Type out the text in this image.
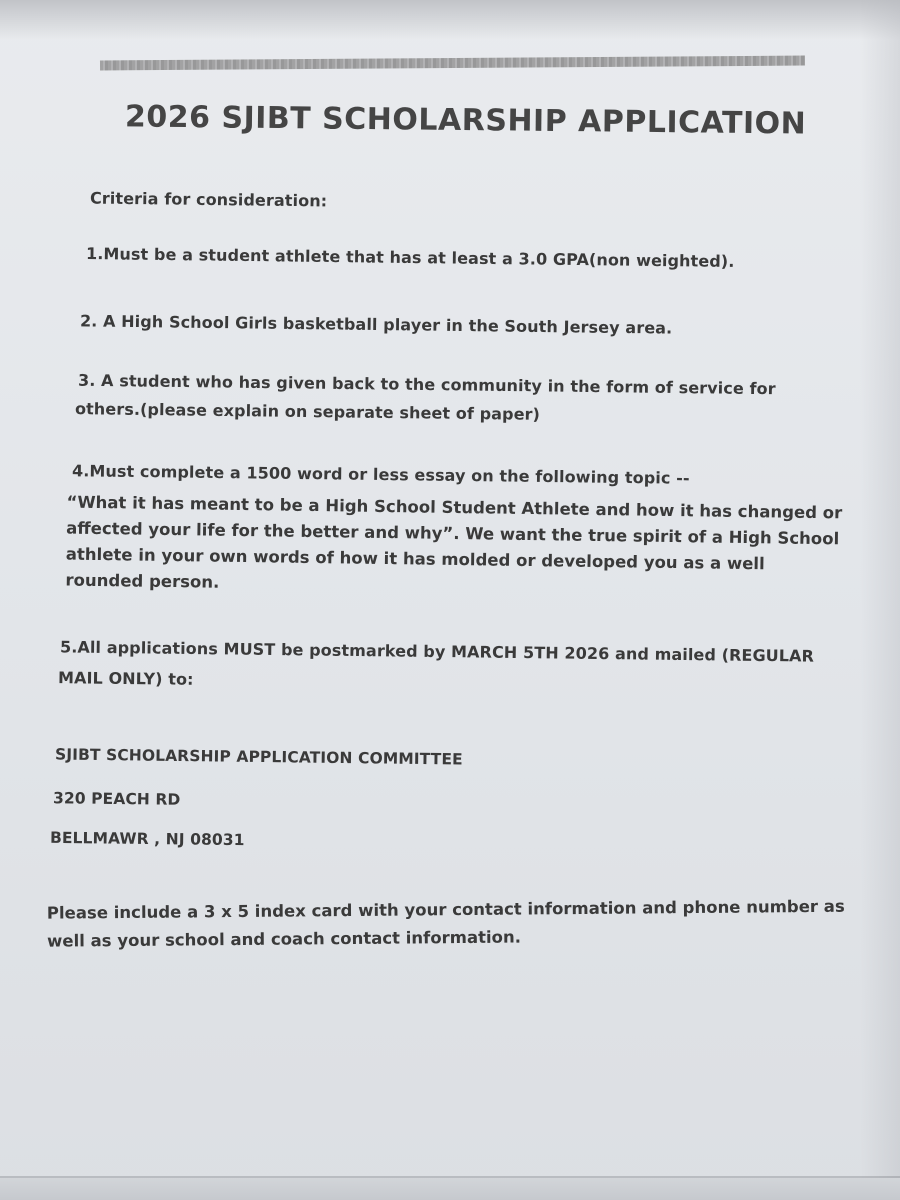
2026 SJIBT SCHOLARSHIP APPLICATION
Criteria for consideration:
1.Must be a student athlete that has at least a 3.0 GPA(non weighted).
2. A High School Girls basketball player in the South Jersey area.
3. A student who has given back to the community in the form of service for
others.(please explain on separate sheet of paper)
4.Must complete a 1500 word or less essay on the following topic --
“What it has meant to be a High School Student Athlete and how it has changed or affected your life for the better and why”. We want the true spirit of a High School athlete in your own words of how it has molded or developed you as a well rounded person.
5.All applications MUST be postmarked by MARCH 5TH 2026 and mailed (REGULAR
MAIL ONLY) to:
SJIBT SCHOLARSHIP APPLICATION COMMITTEE
320 PEACH RD
BELLMAWR , NJ 08031
Please include a 3 x 5 index card with your contact information and phone number as well as your school and coach contact information.
